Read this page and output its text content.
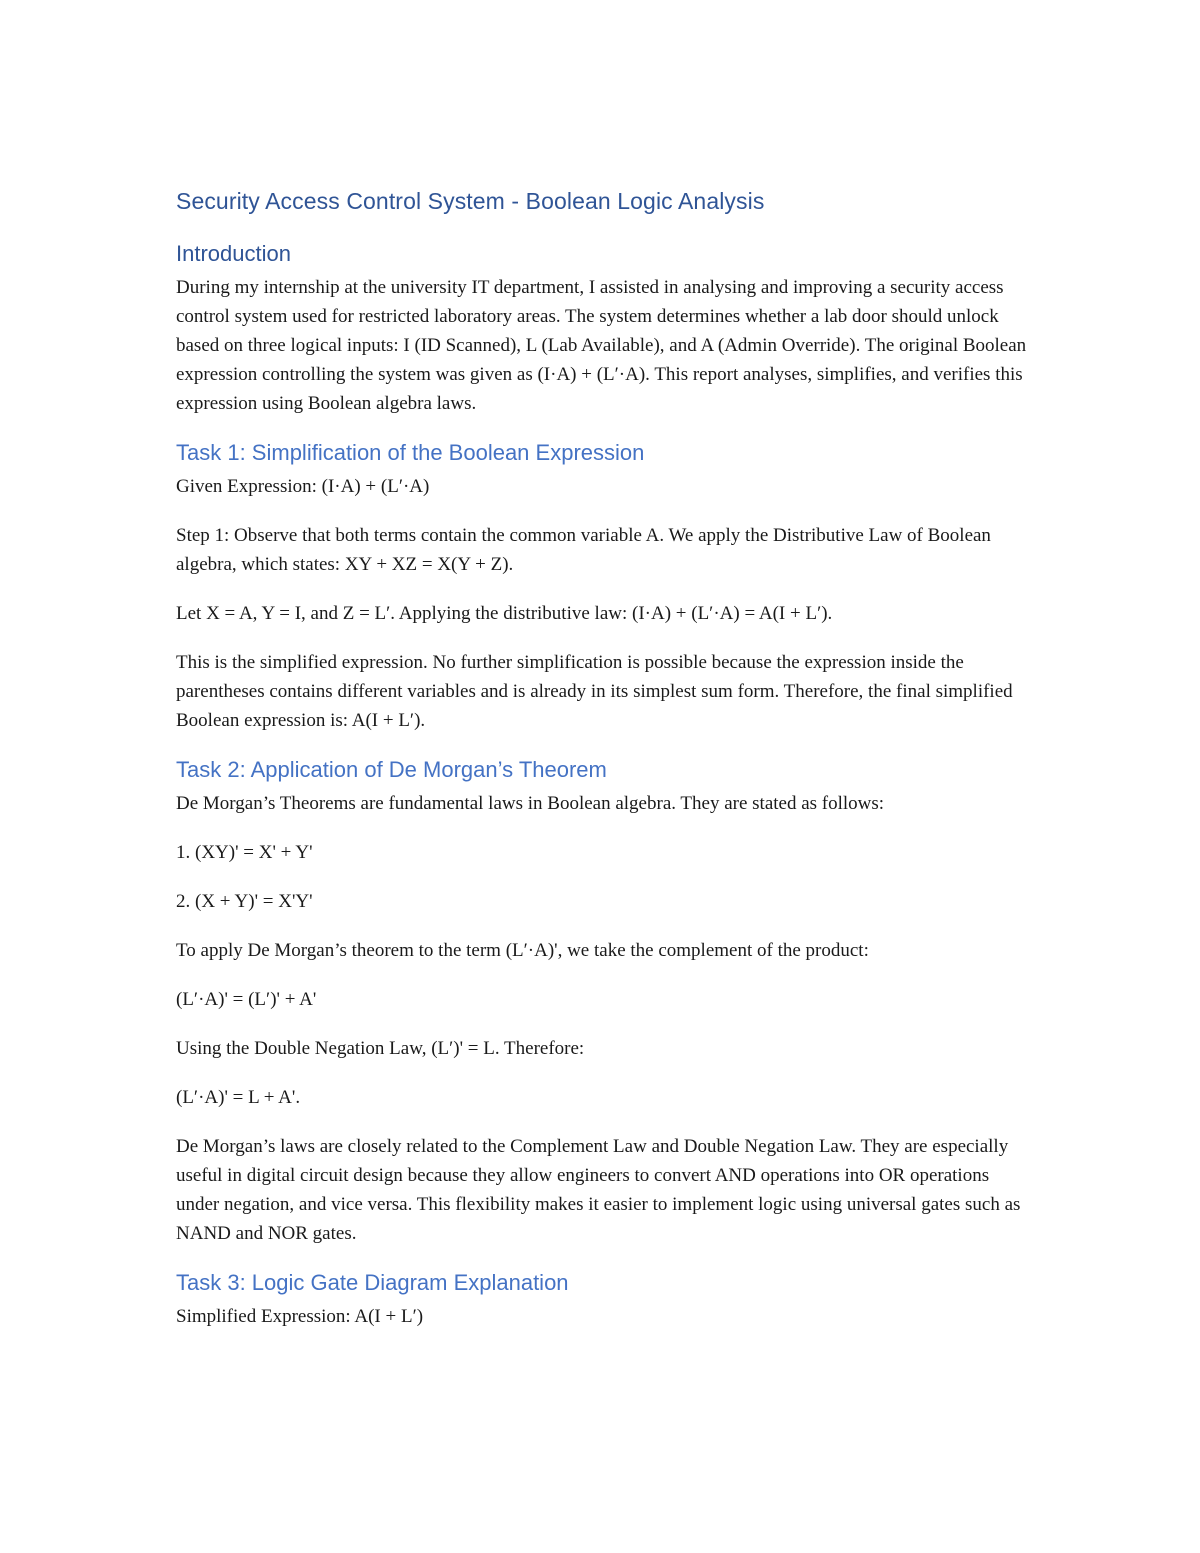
Security Access Control System - Boolean Logic Analysis
Introduction

During my internship at the university IT department, I assisted in analysing and improving a security access control system used for restricted laboratory areas. The system determines whether a lab door should unlock based on three logical inputs: I (ID Scanned), L (Lab Available), and A (Admin Override). The original Boolean expression controlling the system was given as (I·A) + (L′·A). This report analyses, simplifies, and verifies this expression using Boolean algebra laws.

Task 1: Simplification of the Boolean Expression

Given Expression: (I·A) + (L′·A)

Step 1: Observe that both terms contain the common variable A. We apply the Distributive Law of Boolean algebra, which states: XY + XZ = X(Y + Z).

Let X = A, Y = I, and Z = L′. Applying the distributive law: (I·A) + (L′·A) = A(I + L′).

This is the simplified expression. No further simplification is possible because the expression inside the parentheses contains different variables and is already in its simplest sum form. Therefore, the final simplified Boolean expression is: A(I + L′).

Task 2: Application of De Morgan’s Theorem

De Morgan’s Theorems are fundamental laws in Boolean algebra. They are stated as follows:

1. (XY)' = X' + Y'

2. (X + Y)' = X'Y'

To apply De Morgan’s theorem to the term (L′·A)', we take the complement of the product:

(L′·A)' = (L′)' + A'

Using the Double Negation Law, (L′)' = L. Therefore:

(L′·A)' = L + A'.

De Morgan’s laws are closely related to the Complement Law and Double Negation Law. They are especially useful in digital circuit design because they allow engineers to convert AND operations into OR operations under negation, and vice versa. This flexibility makes it easier to implement logic using universal gates such as NAND and NOR gates.

Task 3: Logic Gate Diagram Explanation

Simplified Expression: A(I + L′)
